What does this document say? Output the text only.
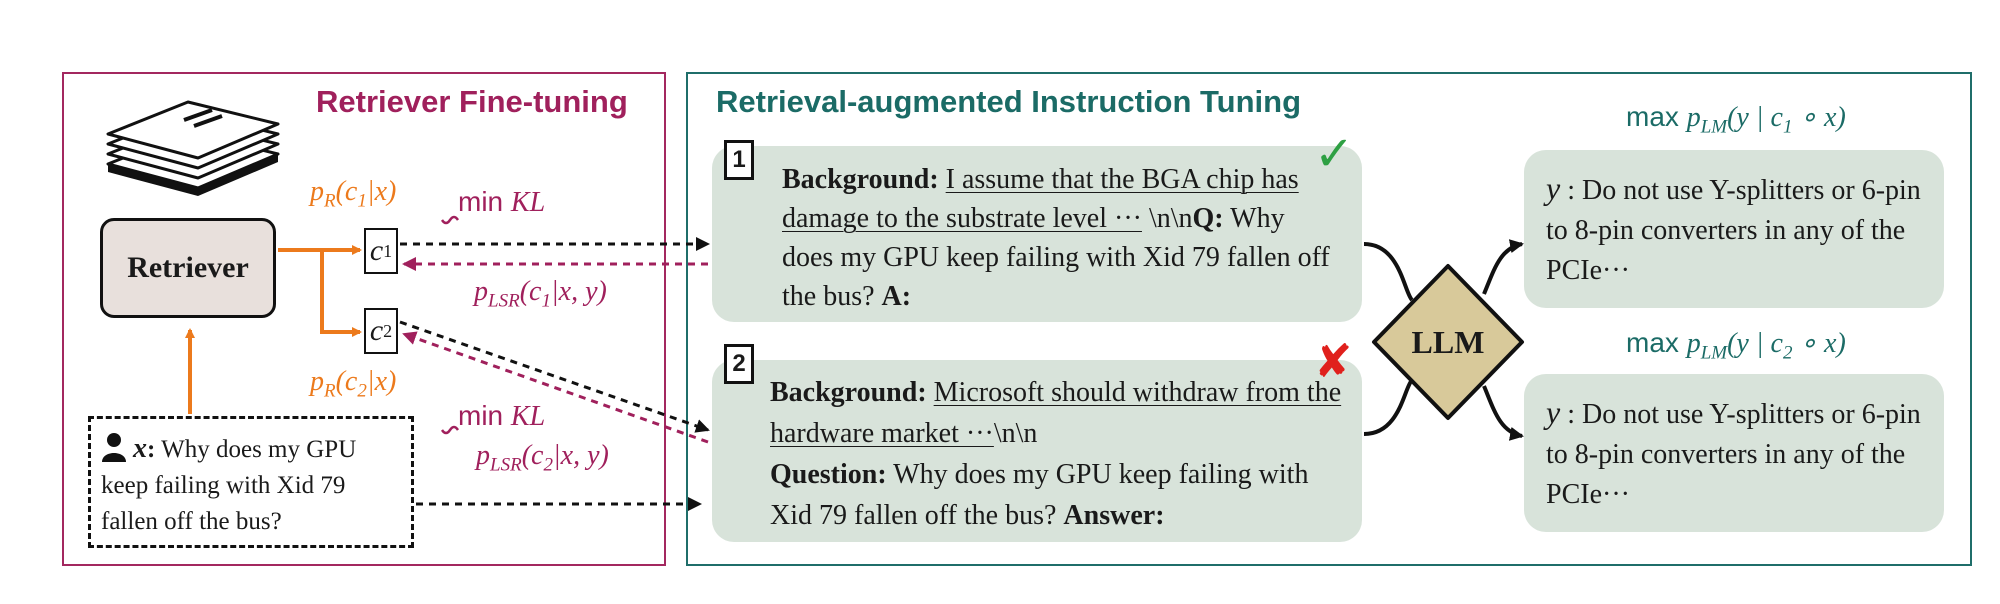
Retriever Fine-tuning	Retrieval-augmented Instruction Tuning
Retriever
c 1
c 2
$p_R(c_1|x)$
$p_R(c_2|x)$
min KL
min KL
$p_{LSR}(c_1|x$, y)
$p_{LSR}(c_2|x$, y)
x: Why does my GPU keep failing with Xid 79 fallen off the bus?
Background: I assume that the BGA chip has damage to the substrate level ··· \n\nQ: Why does my GPU keep failing with Xid 79 fallen off the bus? A:
1	✓
Background: Microsoft should withdraw from the hardware market ···\n\n
Question: Why does my GPU keep failing with Xid 79 fallen off the bus? Answer:
2	✘	LLM
$\max p_{LM}(y$ | $c_1$ ∘ x)
$\max p_{LM}(y$ | $c_2$ ∘ x)
y : Do not use Y-splitters or 6-pin to 8-pin converters in any of the PCIe···
y : Do not use Y-splitters or 6-pin to 8-pin converters in any of the PCIe···
